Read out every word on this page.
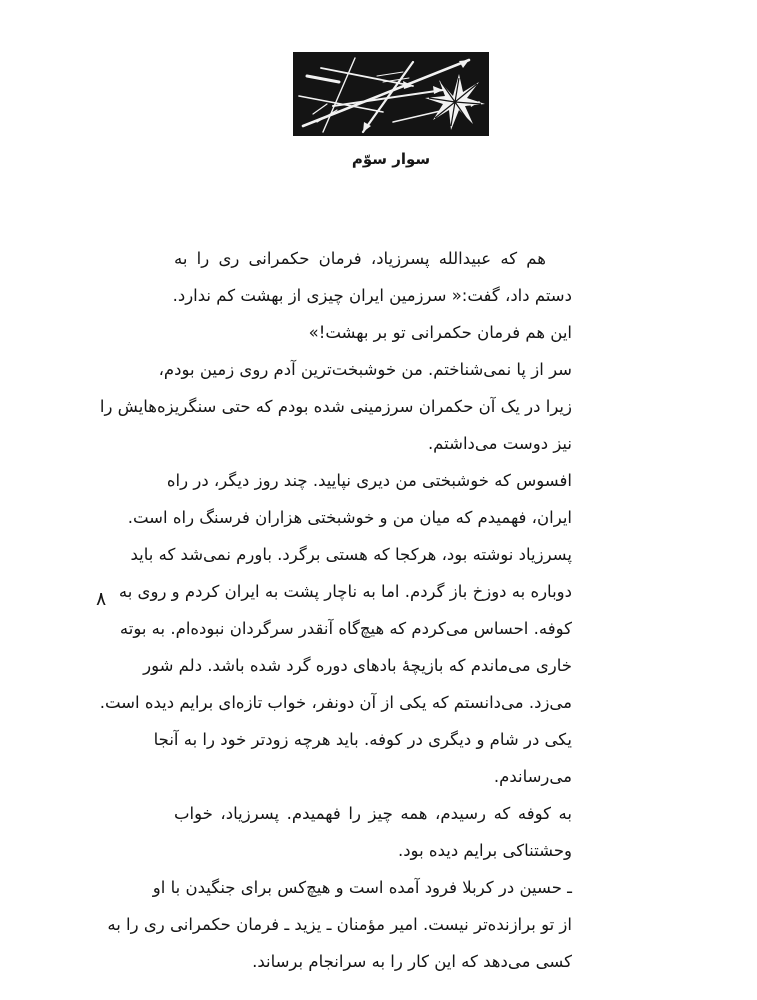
سوار سوّم
۸

هم که عبیدالله پسرزیاد، فرمان حکمرانی ری را به
دستم داد، گفت:« سرزمین ایران چیزی از بهشت کم ندارد.
این هم فرمان حکمرانی تو بر بهشت!»

سر از پا نمی‌شناختم. من خوشبخت‌ترین آدم روی زمین بودم،
زیرا در یک آن حکمران سرزمینی شده بودم که حتی سنگریزه‌هایش را
نیز دوست می‌داشتم.

افسوس که خوشبختی من دیری نپایید. چند روز دیگر، در راه
ایران، فهمیدم که میان من و خوشبختی هزاران فرسنگ راه است.

پسرزیاد نوشته بود، هرکجا که هستی برگرد. باورم نمی‌شد که باید
دوباره به دوزخ باز گردم. اما به ناچار پشت به ایران کردم و روی به
کوفه. احساس می‌کردم که هیچ‌گاه آنقدر سرگردان نبوده‌ام. به بوته
خاری می‌ماندم که بازیچهٔ بادهای دوره گرد شده باشد. دلم شور
می‌زد. می‌دانستم که یکی از آن دونفر، خواب تازه‌ای برایم دیده است.
یکی در شام و دیگری در کوفه. باید هرچه زودتر خود را به آنجا
می‌رساندم.

به کوفه که رسیدم، همه چیز را فهمیدم. پسرزیاد، خواب
وحشتناکی برایم دیده بود.

ـ حسین در کربلا فرود آمده است و هیچ‌کس برای جنگیدن با او
از تو برازنده‌تر نیست. امیر مؤمنان ـ یزید ـ فرمان حکمرانی ری را به
کسی می‌دهد که این کار را به سرانجام برساند.
